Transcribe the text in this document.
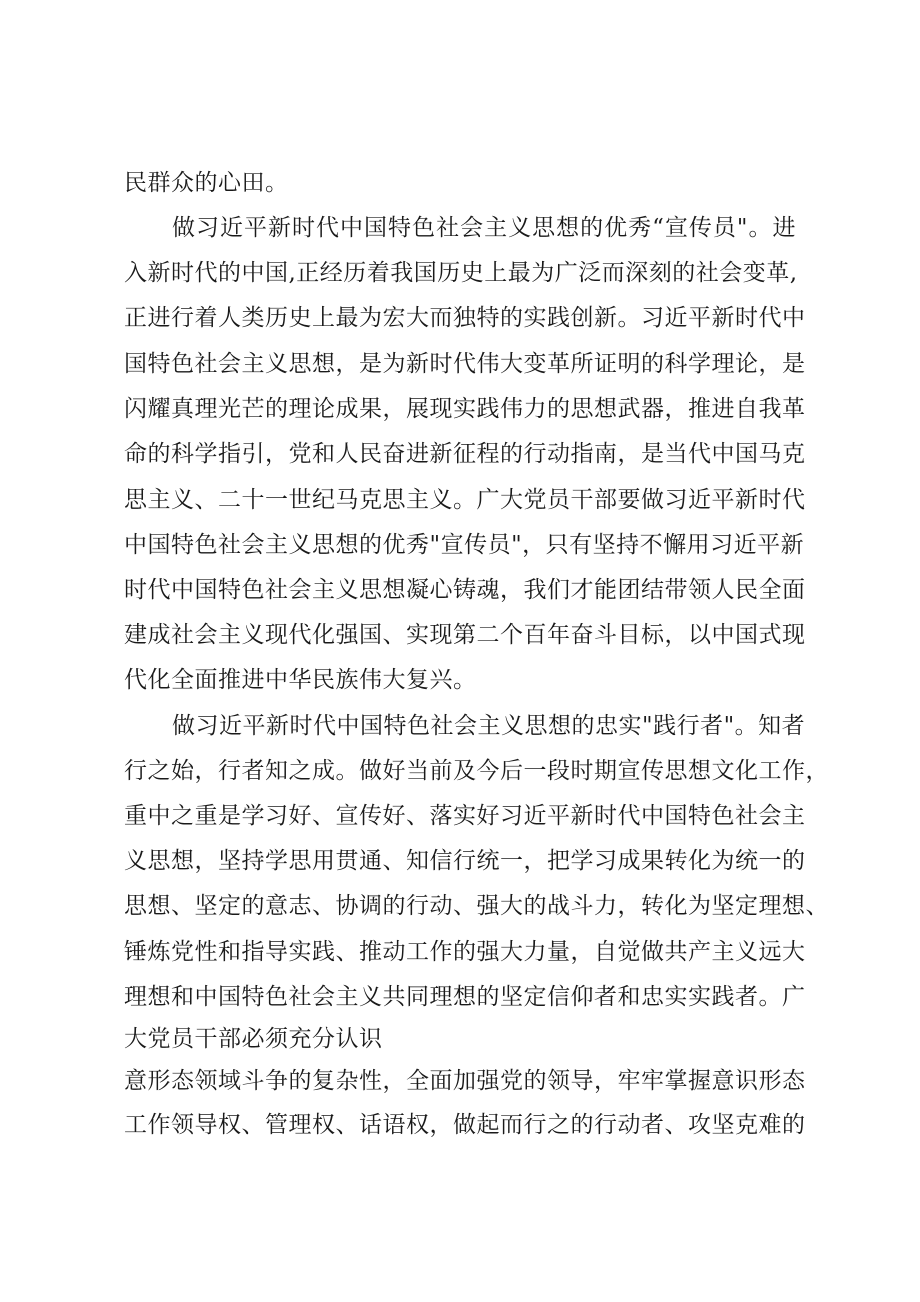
民群众的心田。
做习近平新时代中国特色社会主义思想的优秀“宣传员"。进
入新时代的中国,正经历着我国历史上最为广泛而深刻的社会变革,
正进行着人类历史上最为宏大而独特的实践创新。习近平新时代中
国特色社会主义思想，是为新时代伟大变革所证明的科学理论，是
闪耀真理光芒的理论成果，展现实践伟力的思想武器，推进自我革
命的科学指引，党和人民奋进新征程的行动指南，是当代中国马克
思主义、二十一世纪马克思主义。广大党员干部要做习近平新时代
中国特色社会主义思想的优秀"宣传员"，只有坚持不懈用习近平新
时代中国特色社会主义思想凝心铸魂，我们才能团结带领人民全面
建成社会主义现代化强国、实现第二个百年奋斗目标，以中国式现
代化全面推进中华民族伟大复兴。
做习近平新时代中国特色社会主义思想的忠实"践行者"。知者
行之始，行者知之成。做好当前及今后一段时期宣传思想文化工作，
重中之重是学习好、宣传好、落实好习近平新时代中国特色社会主
义思想，坚持学思用贯通、知信行统一，把学习成果转化为统一的
思想、坚定的意志、协调的行动、强大的战斗力，转化为坚定理想、
锤炼党性和指导实践、推动工作的强大力量，自觉做共产主义远大
理想和中国特色社会主义共同理想的坚定信仰者和忠实实践者。广
大党员干部必须充分认识
意形态领域斗争的复杂性，全面加强党的领导，牢牢掌握意识形态
工作领导权、管理权、话语权，做起而行之的行动者、攻坚克难的
